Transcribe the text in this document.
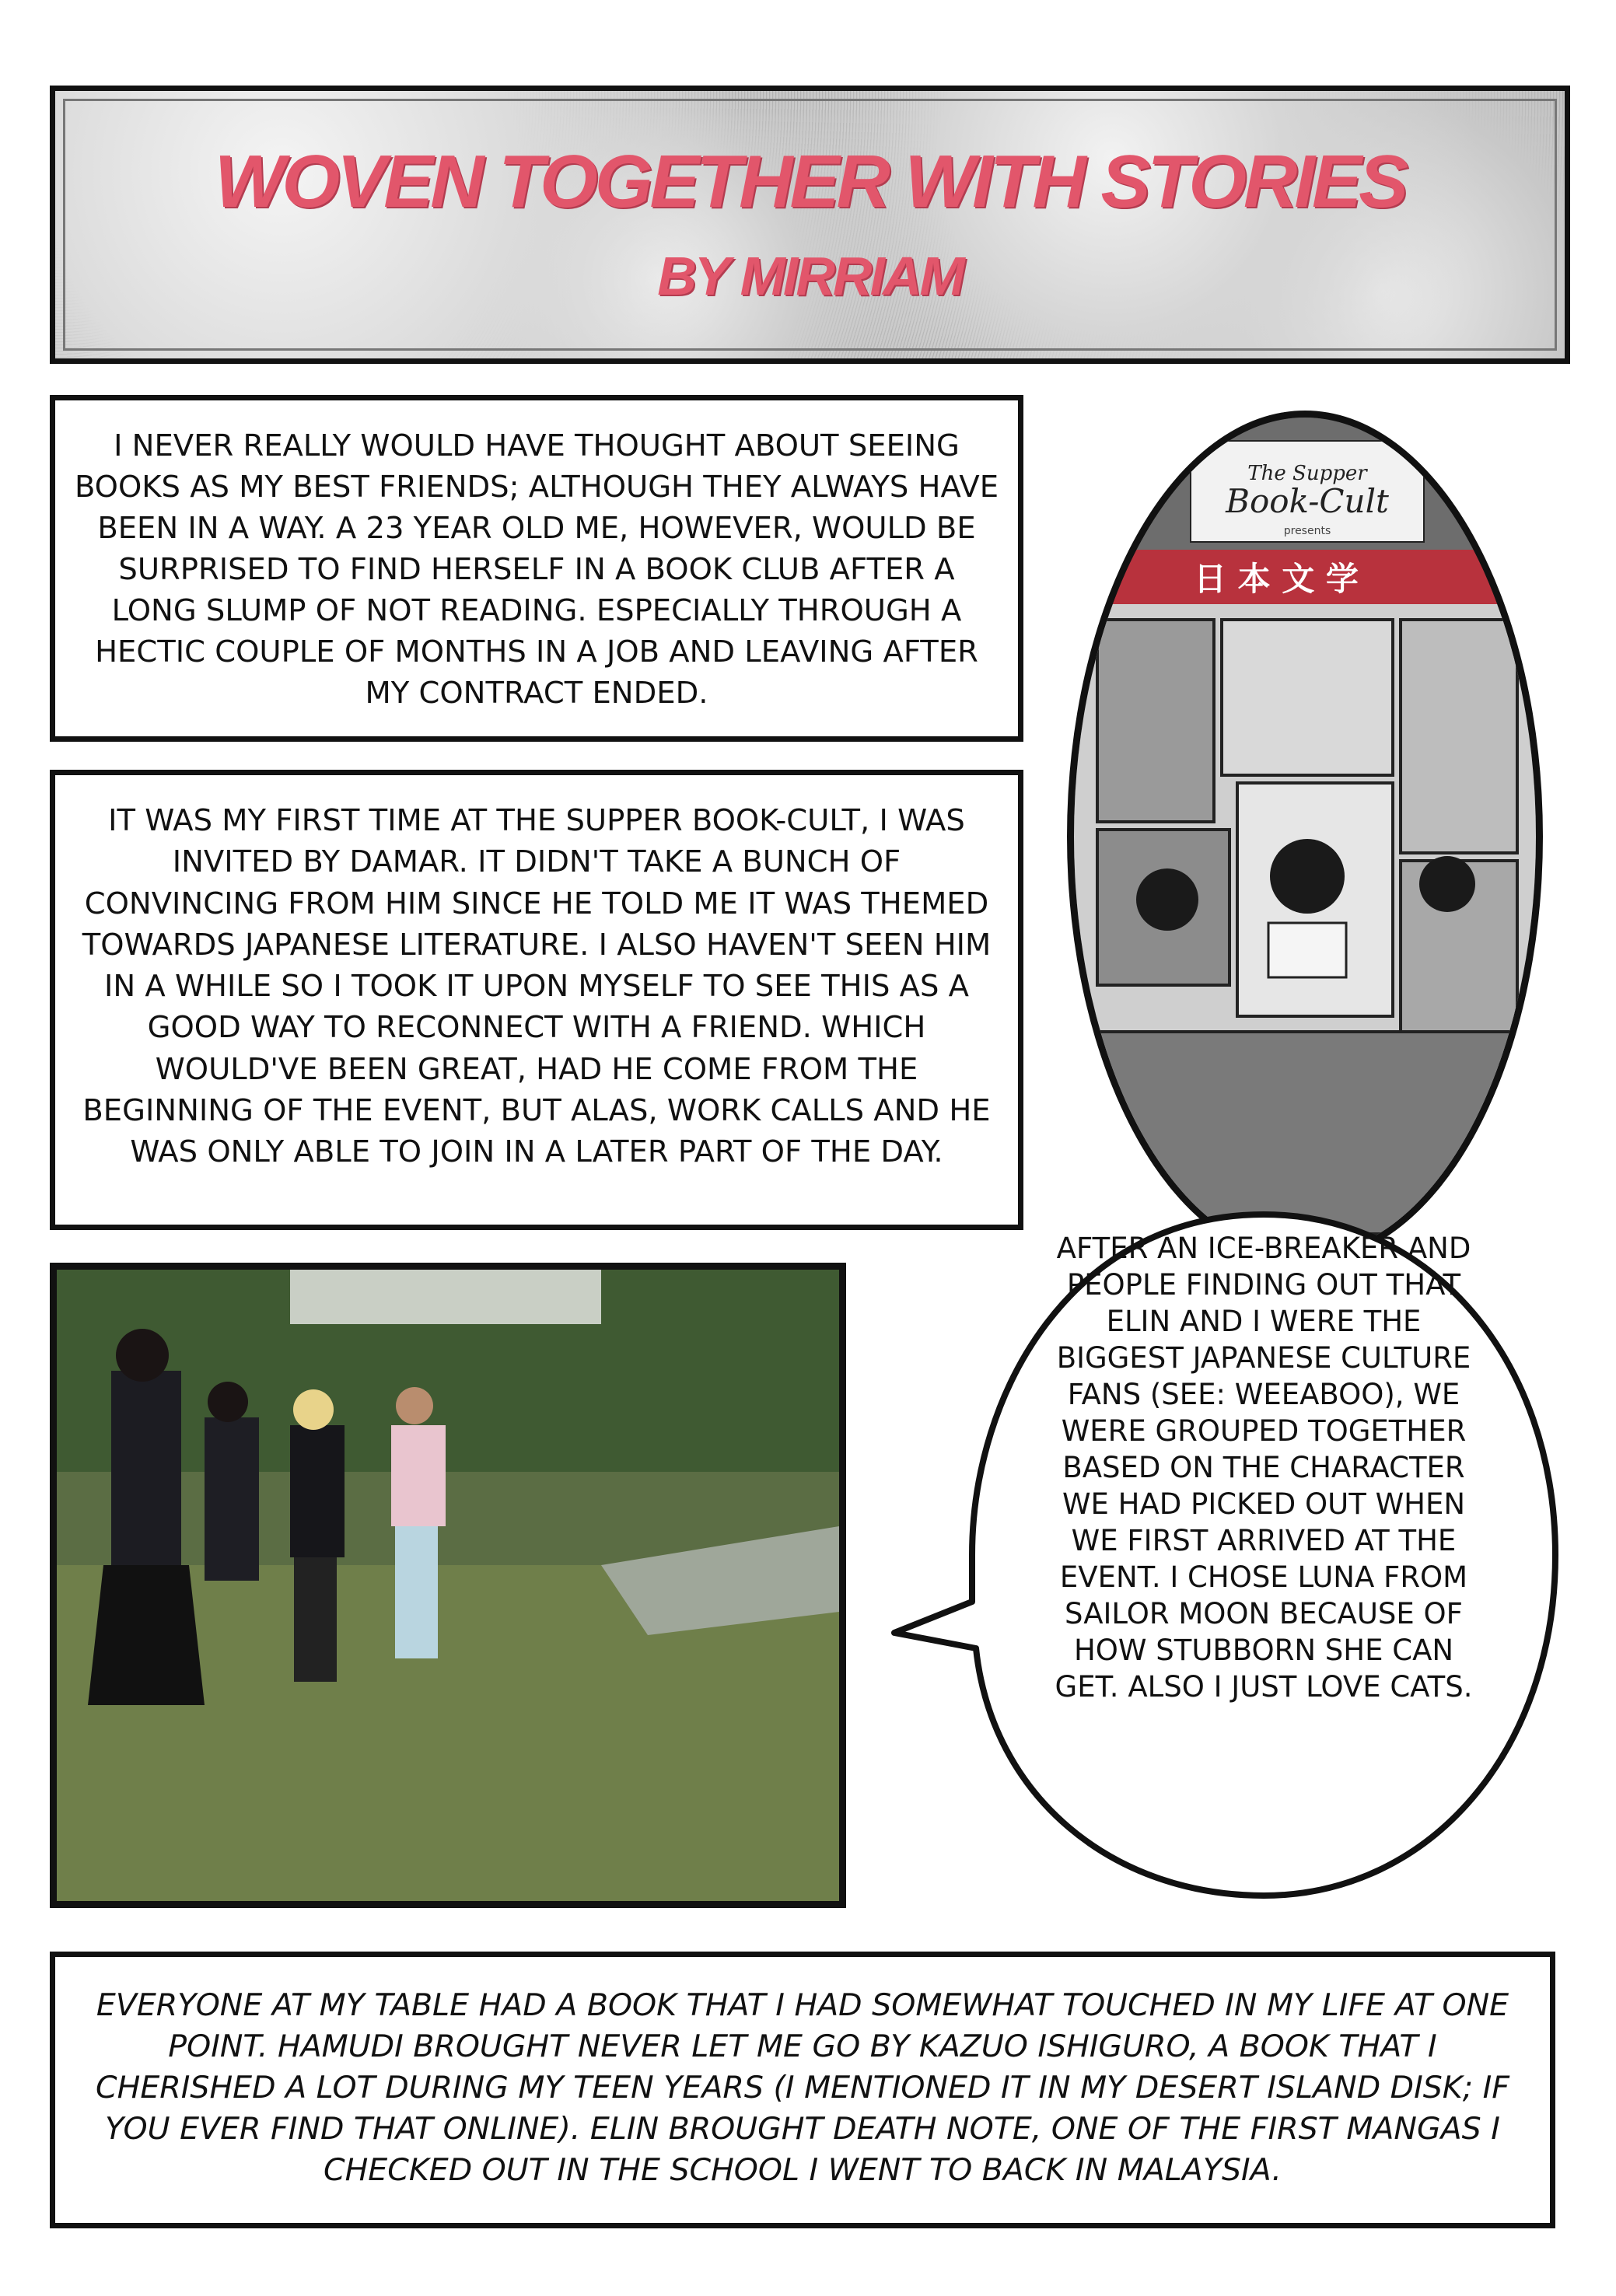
WOVEN TOGETHER WITH STORIES
BY MIRRIAM
I NEVER REALLY WOULD HAVE THOUGHT ABOUT SEEING BOOKS AS MY BEST FRIENDS; ALTHOUGH THEY ALWAYS HAVE BEEN IN A WAY. A 23 YEAR OLD ME, HOWEVER, WOULD BE SURPRISED TO FIND HERSELF IN A BOOK CLUB AFTER A LONG SLUMP OF NOT READING. ESPECIALLY THROUGH A HECTIC COUPLE OF MONTHS IN A JOB AND LEAVING AFTER MY CONTRACT ENDED.
IT WAS MY FIRST TIME AT THE SUPPER BOOK-CULT, I WAS INVITED BY DAMAR. IT DIDN'T TAKE A BUNCH OF CONVINCING FROM HIM SINCE HE TOLD ME IT WAS THEMED TOWARDS JAPANESE LITERATURE. I ALSO HAVEN'T SEEN HIM IN A WHILE SO I TOOK IT UPON MYSELF TO SEE THIS AS A GOOD WAY TO RECONNECT WITH A FRIEND. WHICH WOULD'VE BEEN GREAT, HAD HE COME FROM THE BEGINNING OF THE EVENT, BUT ALAS, WORK CALLS AND HE WAS ONLY ABLE TO JOIN IN A LATER PART OF THE DAY.
The Supper
Book-Cult
presents
日 本 文 学
AFTER AN ICE-BREAKER AND PEOPLE FINDING OUT THAT ELIN AND I WERE THE BIGGEST JAPANESE CULTURE FANS (SEE: WEEABOO), WE WERE GROUPED TOGETHER BASED ON THE CHARACTER WE HAD PICKED OUT WHEN WE FIRST ARRIVED AT THE EVENT. I CHOSE LUNA FROM SAILOR MOON BECAUSE OF HOW STUBBORN SHE CAN GET. ALSO I JUST LOVE CATS.
EVERYONE AT MY TABLE HAD A BOOK THAT I HAD SOMEWHAT TOUCHED IN MY LIFE AT ONE POINT. HAMUDI BROUGHT NEVER LET ME GO BY KAZUO ISHIGURO, A BOOK THAT I CHERISHED A LOT DURING MY TEEN YEARS (I MENTIONED IT IN MY DESERT ISLAND DISK; IF YOU EVER FIND THAT ONLINE). ELIN BROUGHT DEATH NOTE, ONE OF THE FIRST MANGAS I CHECKED OUT IN THE SCHOOL I WENT TO BACK IN MALAYSIA.
